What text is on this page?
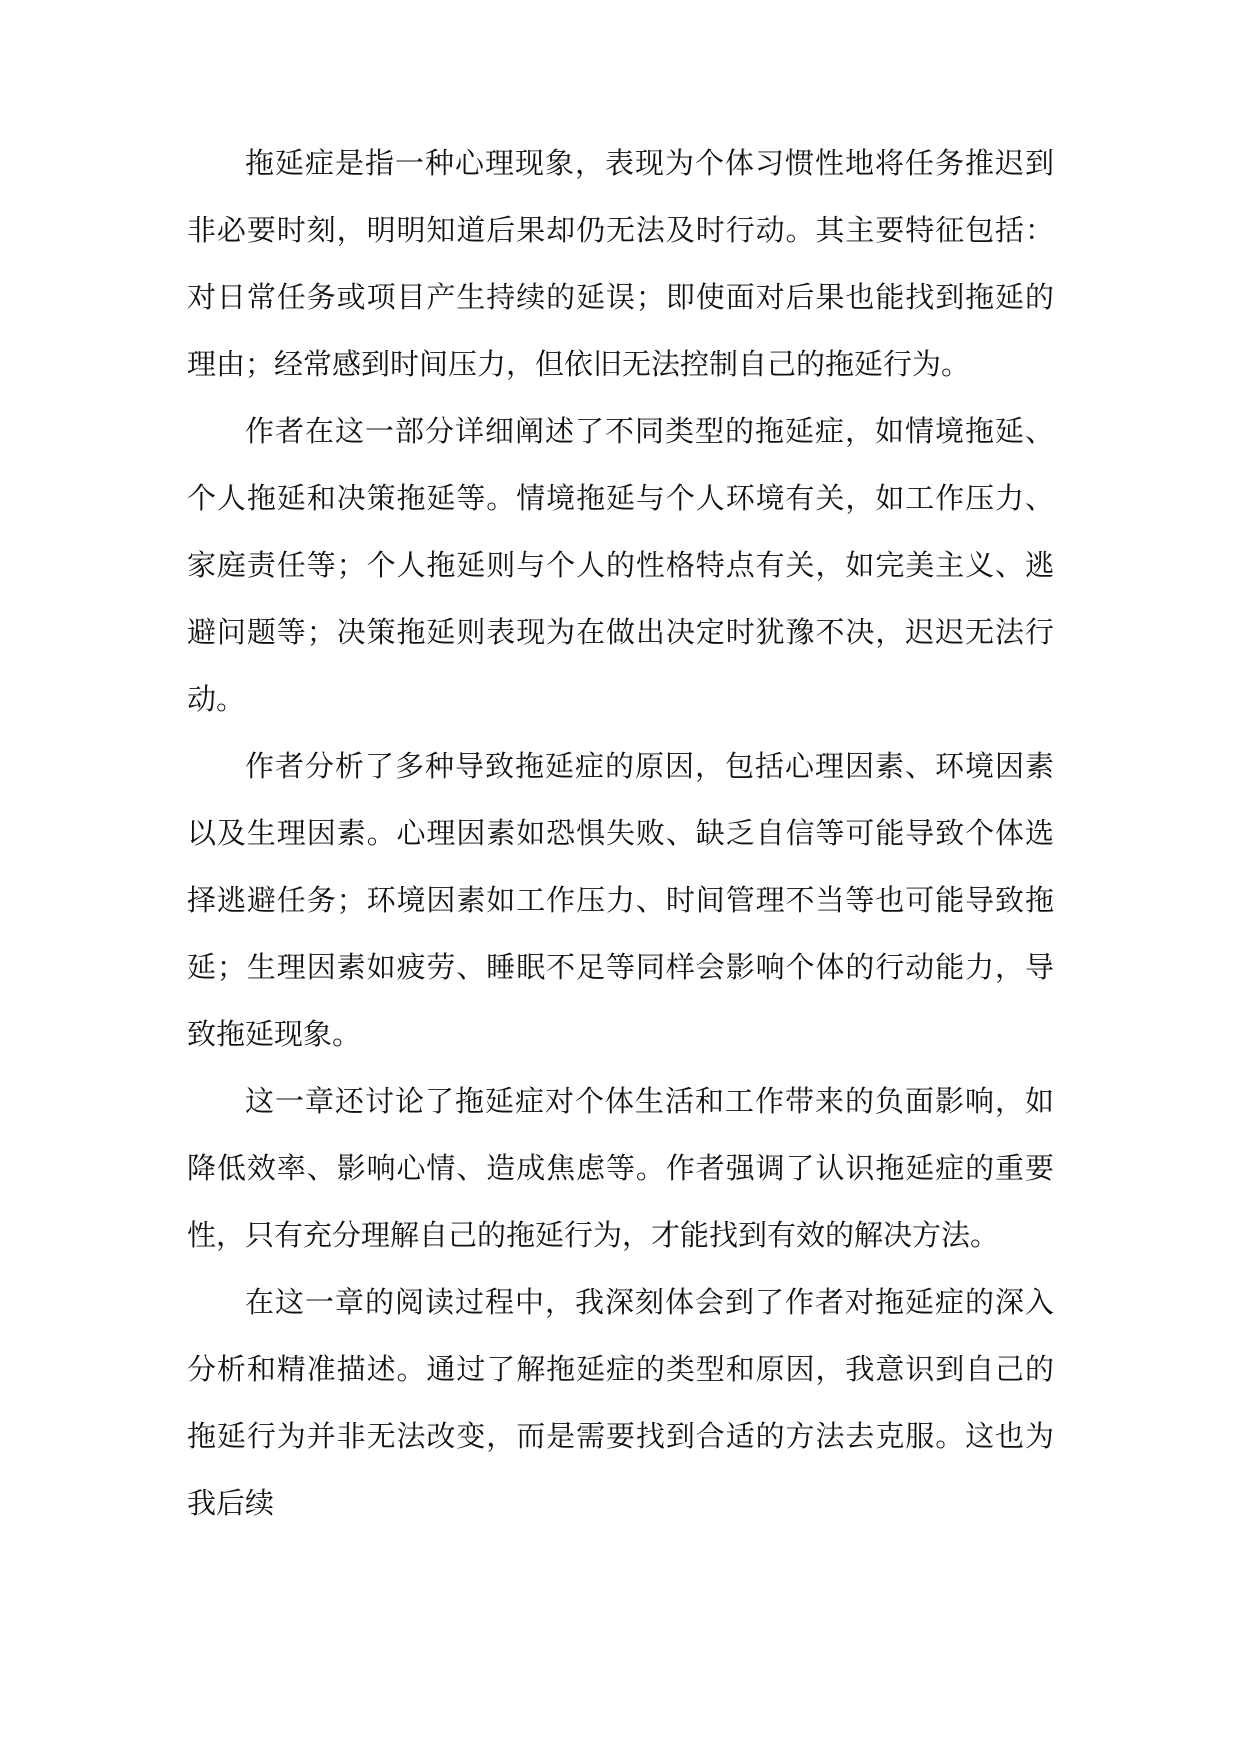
拖延症是指一种心理现象，表现为个体习惯性地将任务推迟到非必要时刻，明明知道后果却仍无法及时行动。其主要特征包括：对日常任务或项目产生持续的延误；即使面对后果也能找到拖延的理由；经常感到时间压力，但依旧无法控制自己的拖延行为。

作者在这一部分详细阐述了不同类型的拖延症，如情境拖延、个人拖延和决策拖延等。情境拖延与个人环境有关，如工作压力、家庭责任等；个人拖延则与个人的性格特点有关，如完美主义、逃避问题等；决策拖延则表现为在做出决定时犹豫不决，迟迟无法行动。

作者分析了多种导致拖延症的原因，包括心理因素、环境因素以及生理因素。心理因素如恐惧失败、缺乏自信等可能导致个体选择逃避任务；环境因素如工作压力、时间管理不当等也可能导致拖延；生理因素如疲劳、睡眠不足等同样会影响个体的行动能力，导致拖延现象。

这一章还讨论了拖延症对个体生活和工作带来的负面影响，如降低效率、影响心情、造成焦虑等。作者强调了认识拖延症的重要性，只有充分理解自己的拖延行为，才能找到有效的解决方法。

在这一章的阅读过程中，我深刻体会到了作者对拖延症的深入分析和精准描述。通过了解拖延症的类型和原因，我意识到自己的拖延行为并非无法改变，而是需要找到合适的方法去克服。这也为我后续
